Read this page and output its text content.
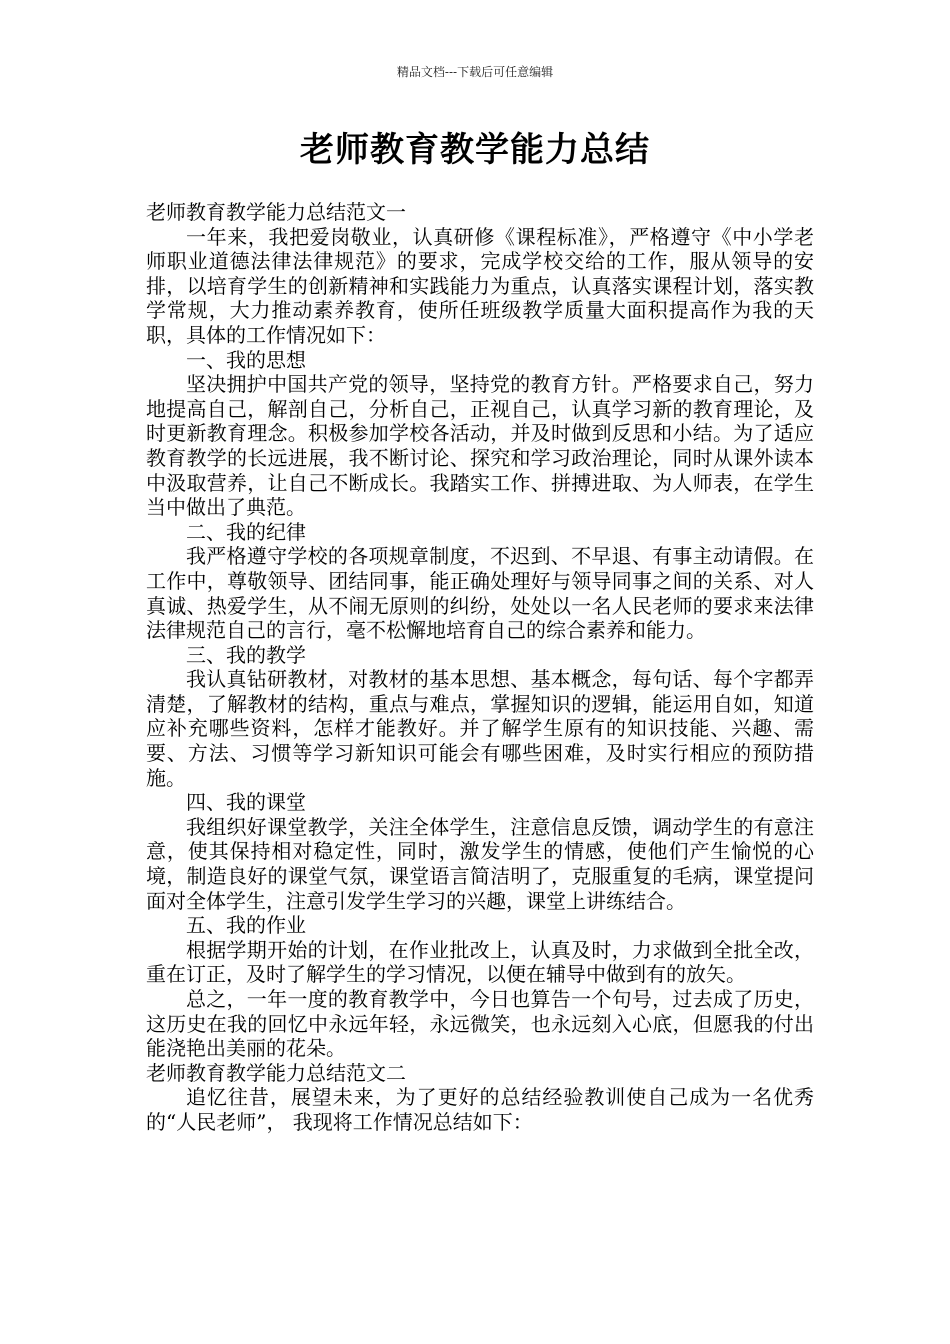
精品文档---下载后可任意编辑
老师教育教学能力总结

老师教育教学能力总结范文一

一年来，我把爱岗敬业，认真研修《课程标准》，严格遵守《中小学老师职业道德法律法律规范》的要求，完成学校交给的工作，服从领导的安排，以培育学生的创新精神和实践能力为重点，认真落实课程计划，落实教学常规，大力推动素养教育，使所任班级教学质量大面积提高作为我的天职，具体的工作情况如下：

一、我的思想

坚决拥护中国共产党的领导，坚持党的教育方针。严格要求自己，努力地提高自己，解剖自己，分析自己，正视自己，认真学习新的教育理论，及时更新教育理念。积极参加学校各活动，并及时做到反思和小结。为了适应教育教学的长远进展，我不断讨论、探究和学习政治理论，同时从课外读本中汲取营养，让自己不断成长。我踏实工作、拼搏进取、为人师表，在学生当中做出了典范。

二、我的纪律

我严格遵守学校的各项规章制度，不迟到、不早退、有事主动请假。在工作中，尊敬领导、团结同事，能正确处理好与领导同事之间的关系、对人真诚、热爱学生，从不闹无原则的纠纷，处处以一名人民老师的要求来法律法律规范自己的言行，毫不松懈地培育自己的综合素养和能力。

三、我的教学

我认真钻研教材，对教材的基本思想、基本概念，每句话、每个字都弄清楚，了解教材的结构，重点与难点，掌握知识的逻辑，能运用自如，知道应补充哪些资料，怎样才能教好。并了解学生原有的知识技能、兴趣、需要、方法、习惯等学习新知识可能会有哪些困难，及时实行相应的预防措施。

四、我的课堂

我组织好课堂教学，关注全体学生，注意信息反馈，调动学生的有意注意，使其保持相对稳定性，同时，激发学生的情感，使他们产生愉悦的心境，制造良好的课堂气氛，课堂语言简洁明了，克服重复的毛病，课堂提问面对全体学生，注意引发学生学习的兴趣，课堂上讲练结合。

五、我的作业

根据学期开始的计划，在作业批改上，认真及时，力求做到全批全改，重在订正，及时了解学生的学习情况，以便在辅导中做到有的放矢。

总之，一年一度的教育教学中，今日也算告一个句号，过去成了历史，这历史在我的回忆中永远年轻，永远微笑，也永远刻入心底，但愿我的付出能浇艳出美丽的花朵。

老师教育教学能力总结范文二

追忆往昔，展望未来，为了更好的总结经验教训使自己成为一名优秀的“人民老师”， 我现将工作情况总结如下：
